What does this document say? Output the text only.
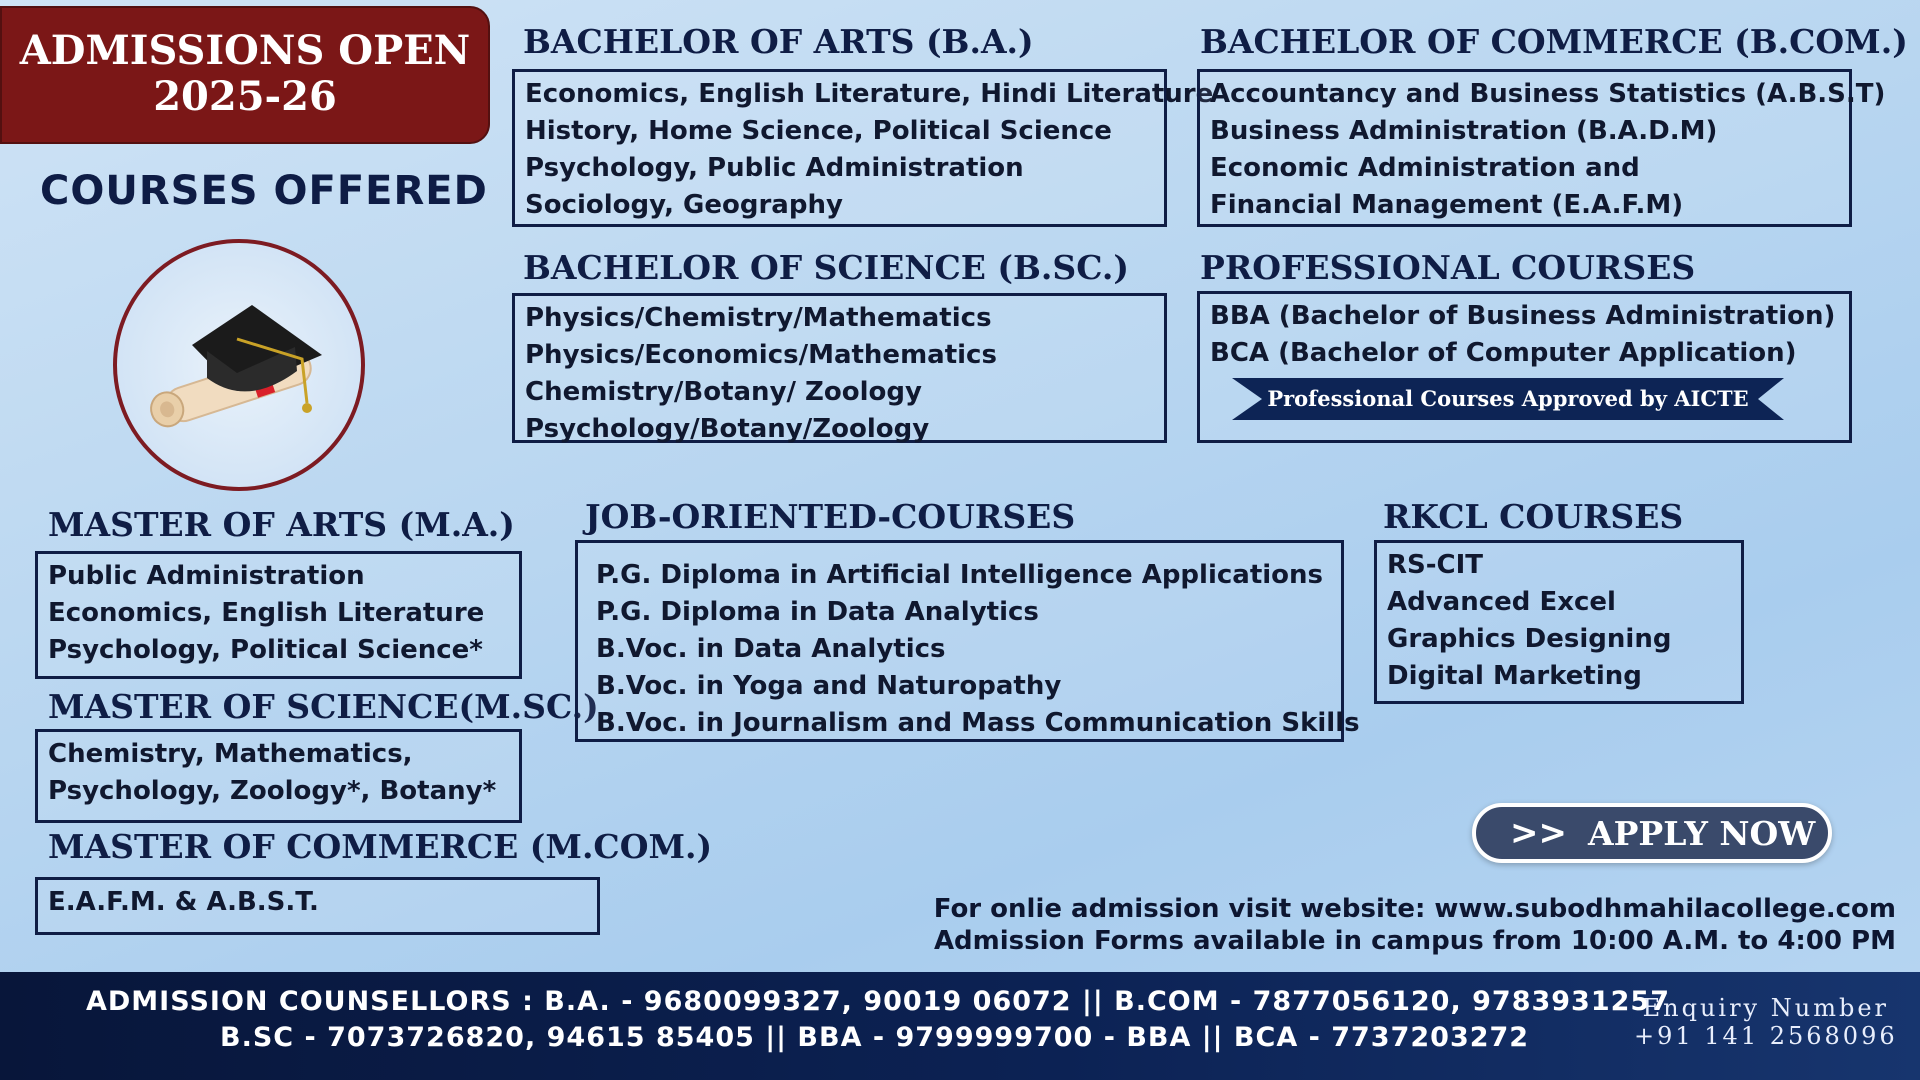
ADMISSIONS OPEN
2025-26
COURSES OFFERED
BACHELOR OF ARTS (B.A.)
Economics, English Literature, Hindi Literature
History, Home Science, Political Science
Psychology, Public Administration
Sociology, Geography
BACHELOR OF COMMERCE (B.COM.)
Accountancy and Business Statistics (A.B.S.T)
Business Administration (B.A.D.M)
Economic Administration and
Financial Management (E.A.F.M)
BACHELOR OF SCIENCE (B.SC.)
Physics/Chemistry/Mathematics
Physics/Economics/Mathematics
Chemistry/Botany/ Zoology
Psychology/Botany/Zoology
PROFESSIONAL COURSES
BBA (Bachelor of Business Administration)
BCA (Bachelor of Computer Application)
Professional Courses Approved by AICTE
MASTER OF ARTS (M.A.)
Public Administration
Economics, English Literature
Psychology, Political Science*
MASTER OF SCIENCE(M.SC.)
Chemistry, Mathematics,
Psychology, Zoology*, Botany*
MASTER OF COMMERCE (M.COM.)
E.A.F.M. & A.B.S.T.
JOB-ORIENTED-COURSES
P.G. Diploma in Artificial Intelligence Applications
P.G. Diploma in Data Analytics
B.Voc. in Data Analytics
B.Voc. in Yoga and Naturopathy
B.Voc. in Journalism and Mass Communication Skills
RKCL COURSES
RS-CIT
Advanced Excel
Graphics Designing
Digital Marketing
>> APPLY NOW
For onlie admission visit website: www.subodhmahilacollege.com
Admission Forms available in campus from 10:00 A.M. to 4:00 PM
ADMISSION COUNSELLORS : B.A. - 9680099327, 90019 06072 || B.COM - 7877056120, 9783931257
B.SC - 7073726820, 94615 85405 || BBA - 9799999700 - BBA || BCA - 7737203272
Enquiry Number
+91 141 2568096
